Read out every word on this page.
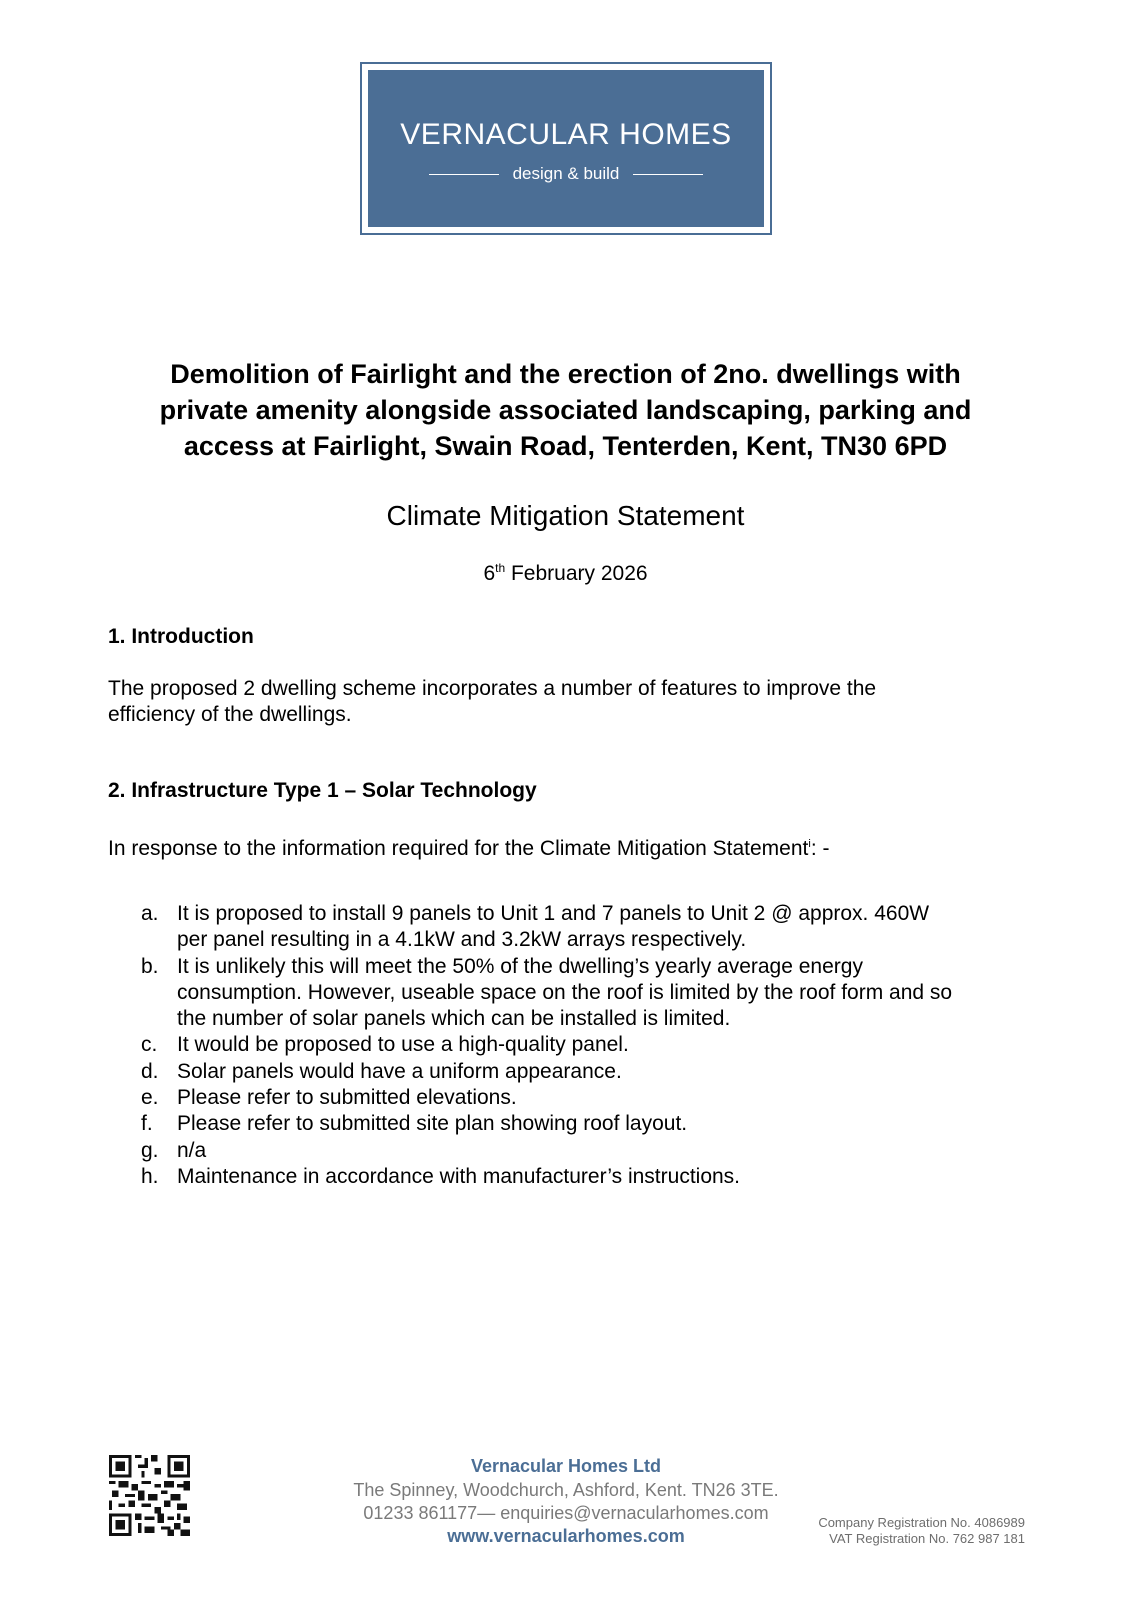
VERNACULAR HOMES
design & build
Demolition of Fairlight and the erection of 2no. dwellings with
private amenity alongside associated landscaping, parking and
access at Fairlight, Swain Road, Tenterden, Kent, TN30 6PD
Climate Mitigation Statement
6th February 2026
1. Introduction
The proposed 2 dwelling scheme incorporates a number of features to improve the
efficiency of the dwellings.
2. Infrastructure Type 1 – Solar Technology
In response to the information required for the Climate Mitigation Statement$^i$: -
a. It is proposed to install 9 panels to Unit 1 and 7 panels to Unit 2 @ approx. 460W
per panel resulting in a 4.1kW and 3.2kW arrays respectively.
b. It is unlikely this will meet the 50% of the dwelling’s yearly average energy
consumption. However, useable space on the roof is limited by the roof form and so
the number of solar panels which can be installed is limited.
c. It would be proposed to use a high-quality panel.
d. Solar panels would have a uniform appearance.
e. Please refer to submitted elevations.
f. Please refer to submitted site plan showing roof layout.
g. n/a
h. Maintenance in accordance with manufacturer’s instructions.
Vernacular Homes Ltd
The Spinney, Woodchurch, Ashford, Kent. TN26 3TE.
01233 861177— enquiries@vernacularhomes.com
www.vernacularhomes.com
Company Registration No. 4086989
VAT Registration No. 762 987 181
